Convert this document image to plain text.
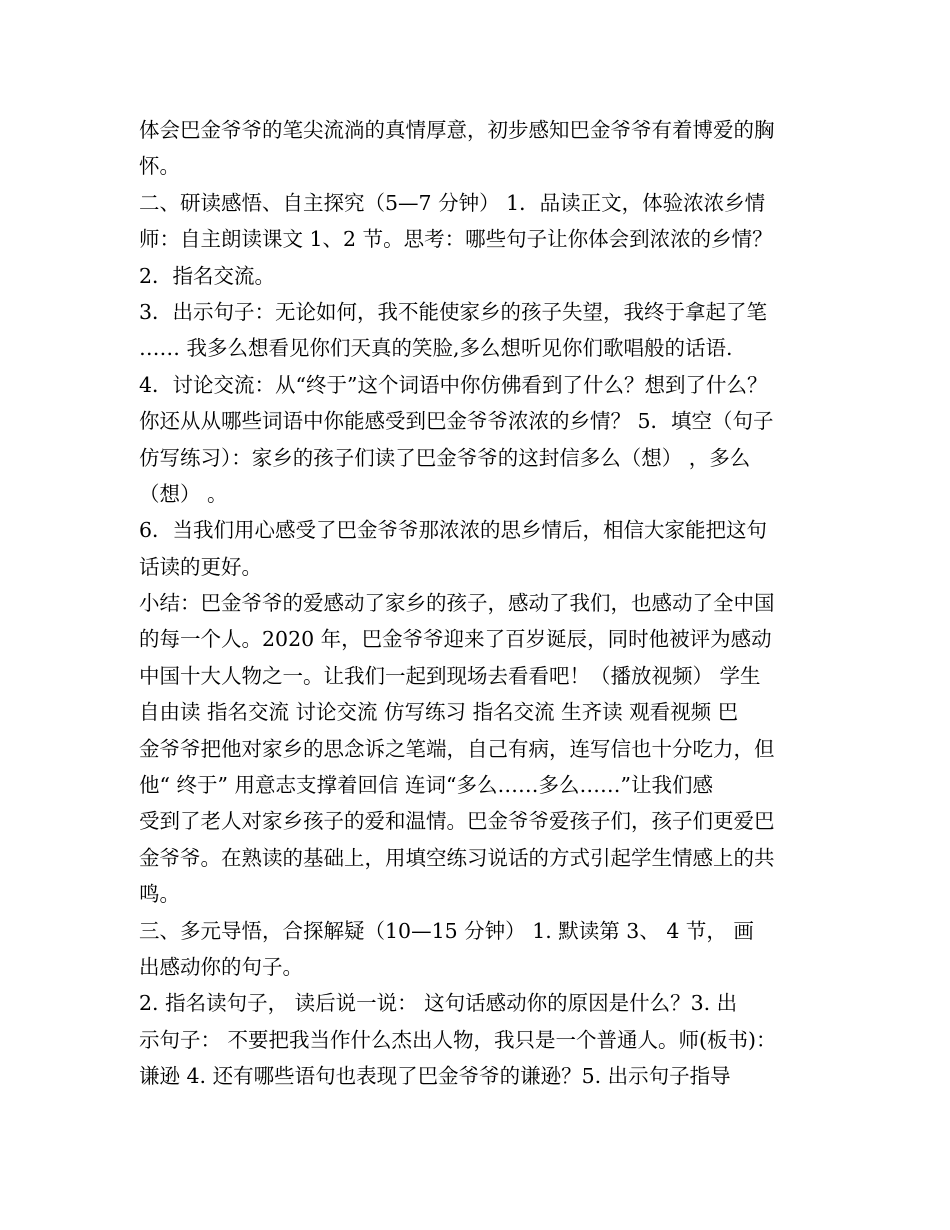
体会巴金爷爷的笔尖流淌的真情厚意，初步感知巴金爷爷有着博爱的胸
怀。
二、研读感悟、自主探究（5—7 分钟） 1．品读正文，体验浓浓乡情
师：自主朗读课文 1、2 节。思考：哪些句子让你体会到浓浓的乡情？
2．指名交流。
3．出示句子：无论如何，我不能使家乡的孩子失望，我终于拿起了笔
…… 我多么想看见你们天真的笑脸,多么想听见你们歌唱般的话语.
4．讨论交流：从“终于”这个词语中你仿佛看到了什么？想到了什么？
你还从从哪些词语中你能感受到巴金爷爷浓浓的乡情？ 5．填空（句子
仿写练习）：家乡的孩子们读了巴金爷爷的这封信多么（想） ，多么
（想） 。
6．当我们用心感受了巴金爷爷那浓浓的思乡情后，相信大家能把这句
话读的更好。
小结：巴金爷爷的爱感动了家乡的孩子，感动了我们，也感动了全中国
的每一个人。2020 年，巴金爷爷迎来了百岁诞辰，同时他被评为感动
中国十大人物之一。让我们一起到现场去看看吧！（播放视频） 学生
自由读 指名交流 讨论交流 仿写练习 指名交流 生齐读 观看视频 巴
金爷爷把他对家乡的思念诉之笔端，自己有病，连写信也十分吃力，但
他“ 终于” 用意志支撑着回信 连词“多么……多么……”让我们感
受到了老人对家乡孩子的爱和温情。巴金爷爷爱孩子们，孩子们更爱巴
金爷爷。在熟读的基础上，用填空练习说话的方式引起学生情感上的共
鸣。
三、多元导悟，合探解疑（10—15 分钟） 1. 默读第 3、 4 节， 画
出感动你的句子。
2. 指名读句子， 读后说一说： 这句话感动你的原因是什么？3. 出
示句子： 不要把我当作什么杰出人物，我只是一个普通人。师(板书)：
谦逊 4. 还有哪些语句也表现了巴金爷爷的谦逊？5. 出示句子指导
